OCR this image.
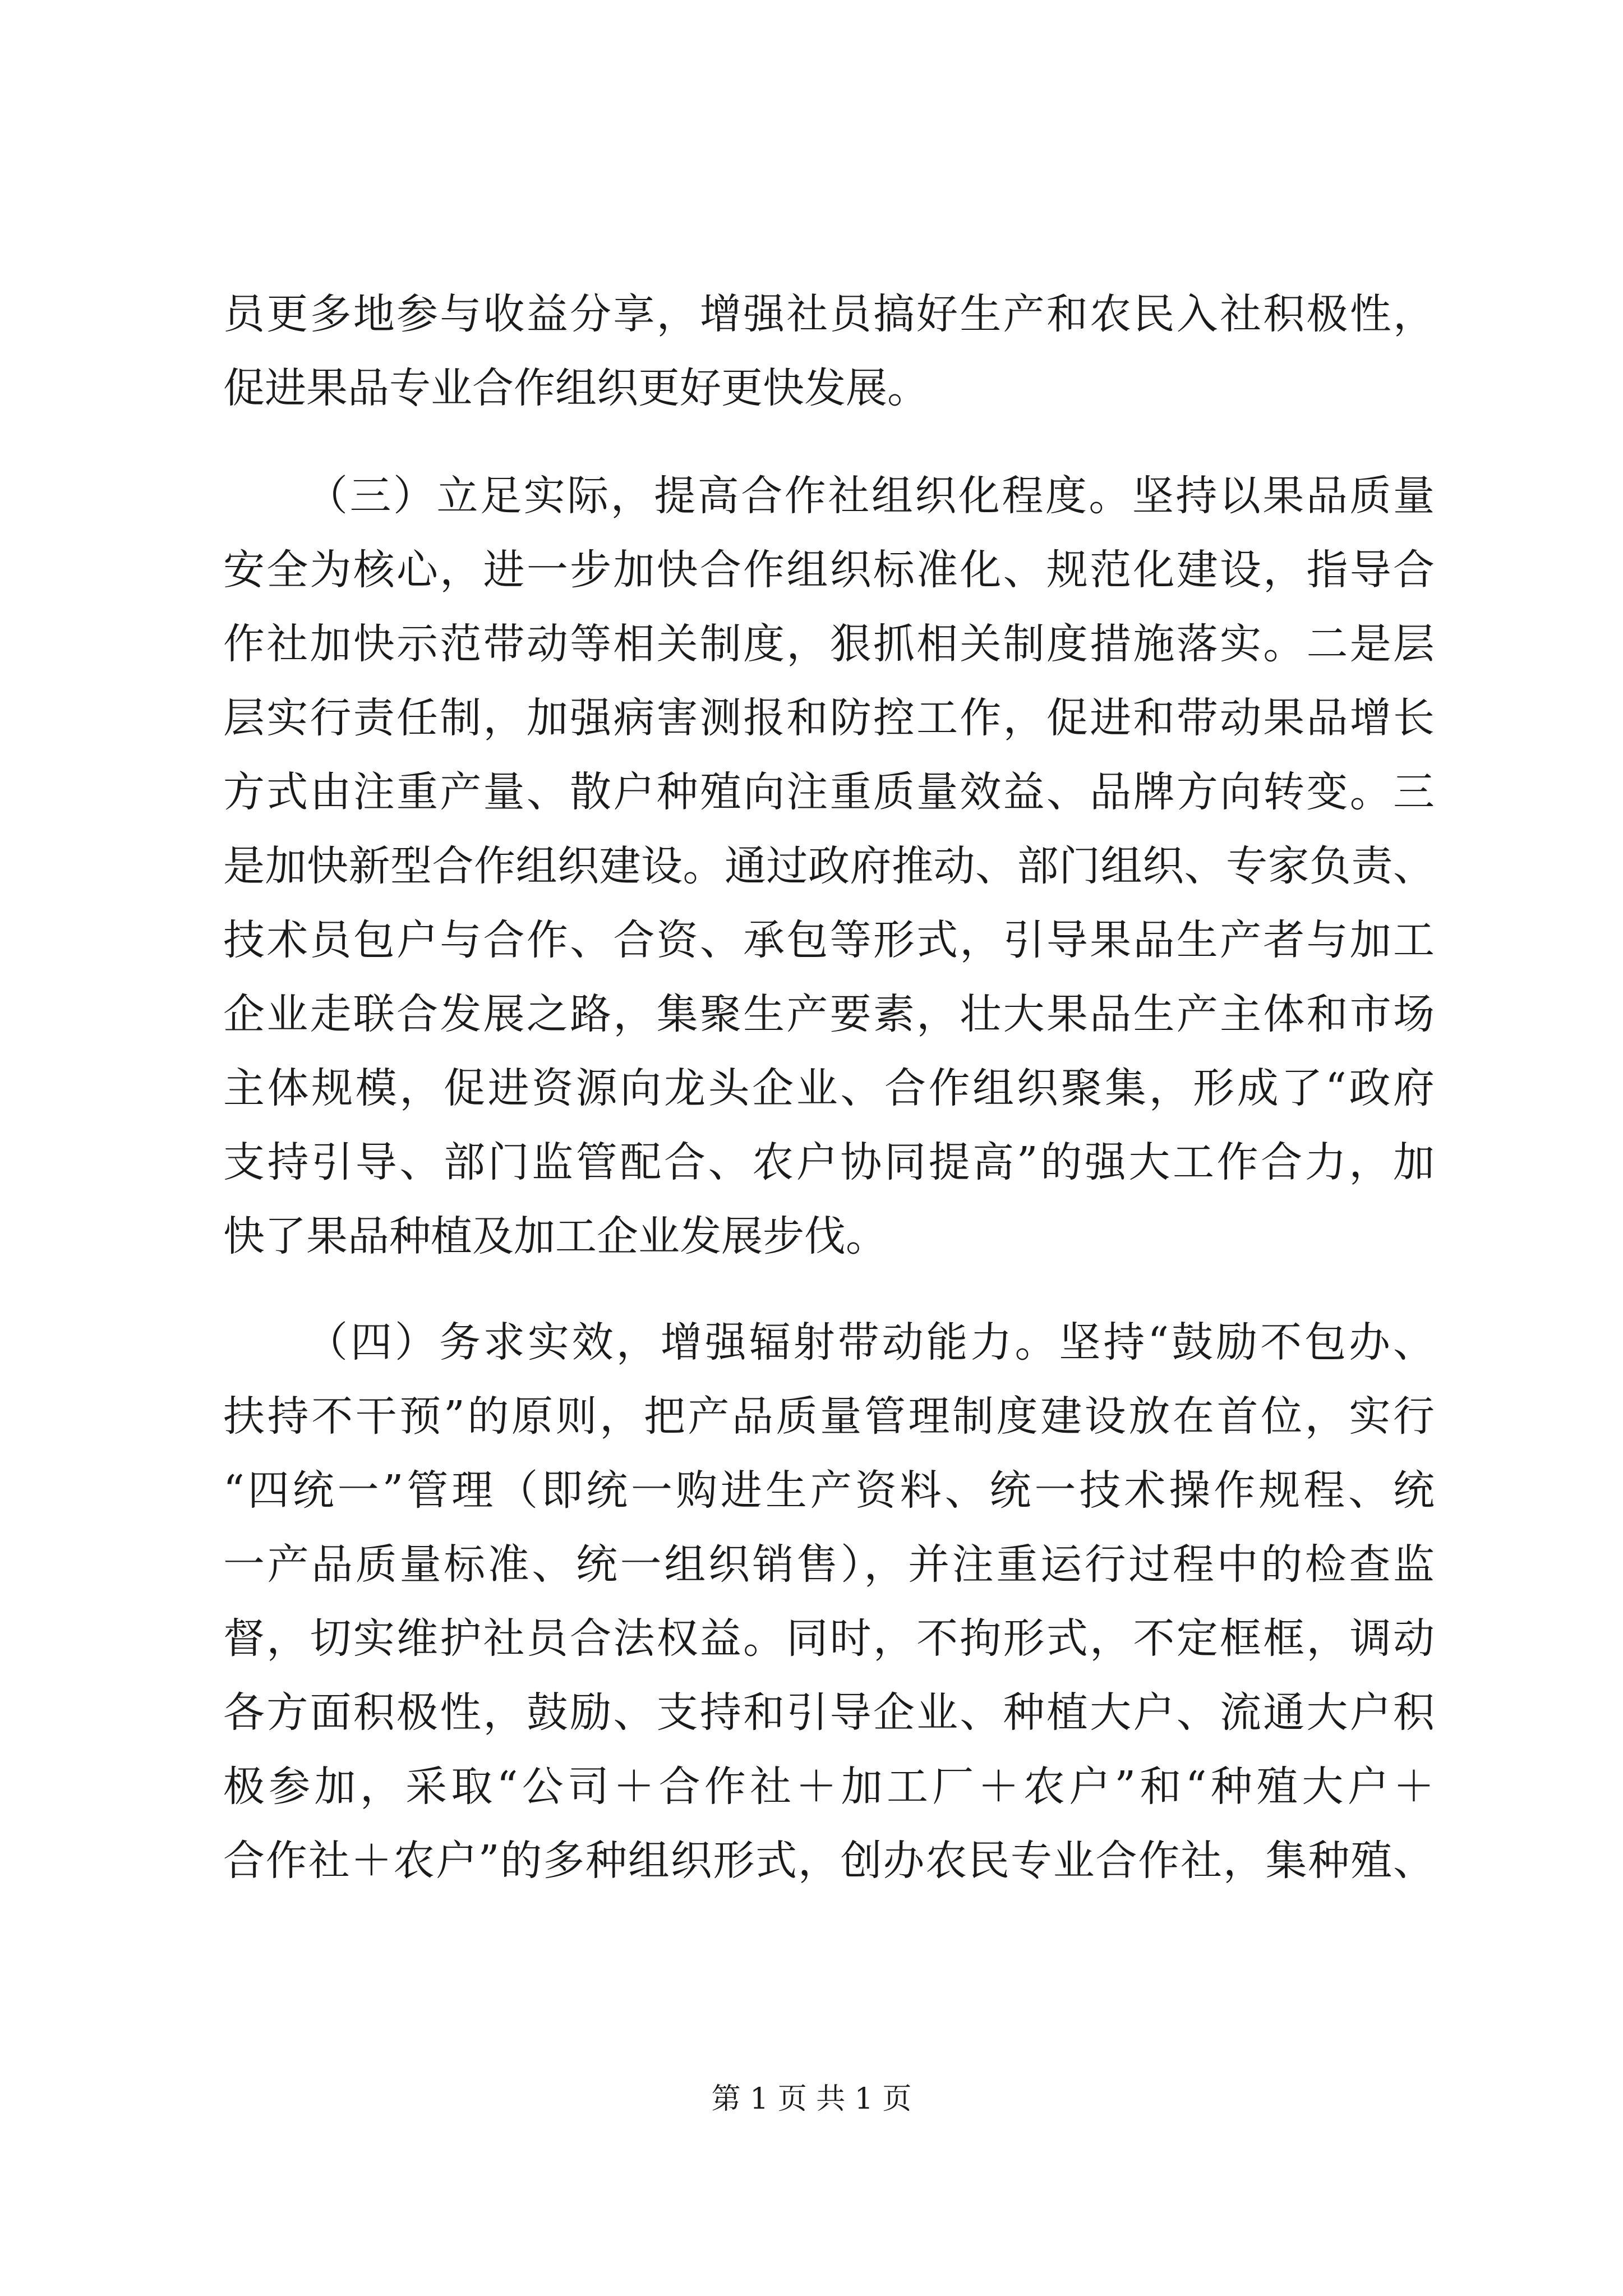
员更多地参与收益分享，增强社员搞好生产和农民入社积极性，
促进果品专业合作组织更好更快发展。
（三）立足实际，提高合作社组织化程度。坚持以果品质量
安全为核心，进一步加快合作组织标准化、规范化建设，指导合
作社加快示范带动等相关制度，狠抓相关制度措施落实。二是层
层实行责任制，加强病害测报和防控工作，促进和带动果品增长
方式由注重产量、散户种殖向注重质量效益、品牌方向转变。三
是加快新型合作组织建设。通过政府推动、部门组织、专家负责、
技术员包户与合作、合资、承包等形式，引导果品生产者与加工
企业走联合发展之路，集聚生产要素，壮大果品生产主体和市场
主体规模，促进资源向龙头企业、合作组织聚集，形成了“政府
支持引导、部门监管配合、农户协同提高”的强大工作合力，加
快了果品种植及加工企业发展步伐。
（四）务求实效，增强辐射带动能力。坚持“鼓励不包办、
扶持不干预”的原则，把产品质量管理制度建设放在首位，实行
“四统一”管理（即统一购进生产资料、统一技术操作规程、统
一产品质量标准、统一组织销售），并注重运行过程中的检查监
督，切实维护社员合法权益。同时，不拘形式，不定框框，调动
各方面积极性，鼓励、支持和引导企业、种植大户、流通大户积
极参加，采取“公司＋合作社＋加工厂＋农户”和“种殖大户＋
合作社＋农户”的多种组织形式，创办农民专业合作社，集种殖、
第 1 页 共 1 页
